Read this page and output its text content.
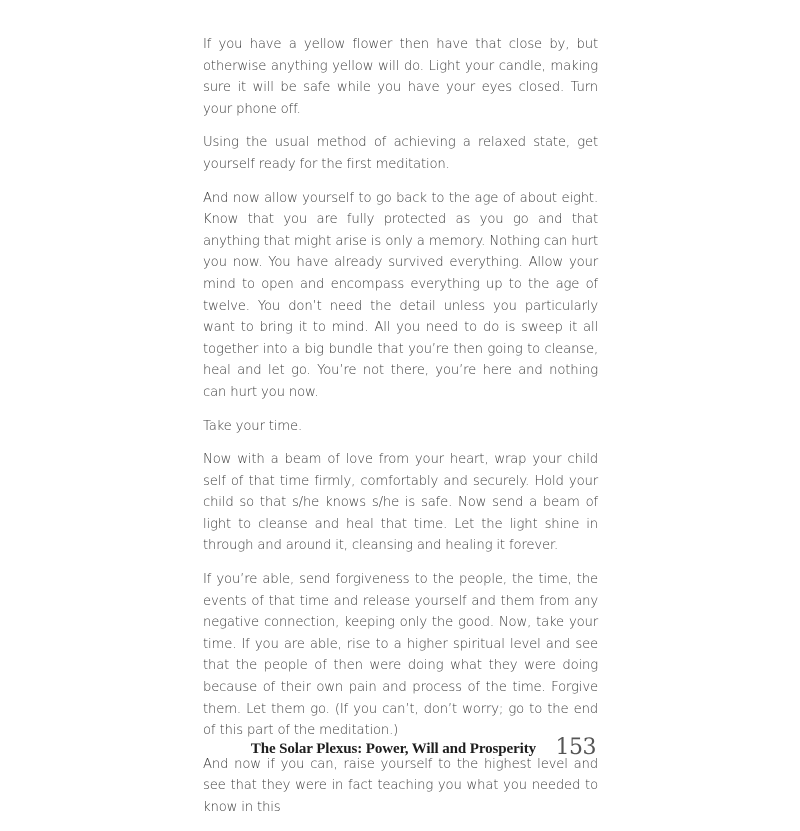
If you have a yellow flower then have that close by, but otherwise anything yellow will do. Light your candle, making sure it will be safe while you have your eyes closed. Turn your phone off.

Using the usual method of achieving a relaxed state, get yourself ready for the first meditation.

And now allow yourself to go back to the age of about eight. Know that you are fully protected as you go and that anything that might arise is only a memory. Nothing can hurt you now. You have already survived everything. Allow your mind to open and encompass everything up to the age of twelve. You don’t need the detail unless you particularly want to bring it to mind. All you need to do is sweep it all together into a big bundle that you’re then going to cleanse, heal and let go. You’re not there, you’re here and nothing can hurt you now.

Take your time.

Now with a beam of love from your heart, wrap your child self of that time firmly, comfortably and securely. Hold your child so that s/he knows s/he is safe. Now send a beam of light to cleanse and heal that time. Let the light shine in through and around it, cleansing and healing it forever.

If you’re able, send forgiveness to the people, the time, the events of that time and release yourself and them from any negative connection, keeping only the good. Now, take your time. If you are able, rise to a higher spiritual level and see that the people of then were doing what they were doing because of their own pain and process of the time. Forgive them. Let them go. (If you can’t, don’t worry; go to the end of this part of the meditation.)

And now if you can, raise yourself to the highest level and see that they were in fact teaching you what you needed to know in this

The Solar Plexus: Power, Will and Prosperity 153
